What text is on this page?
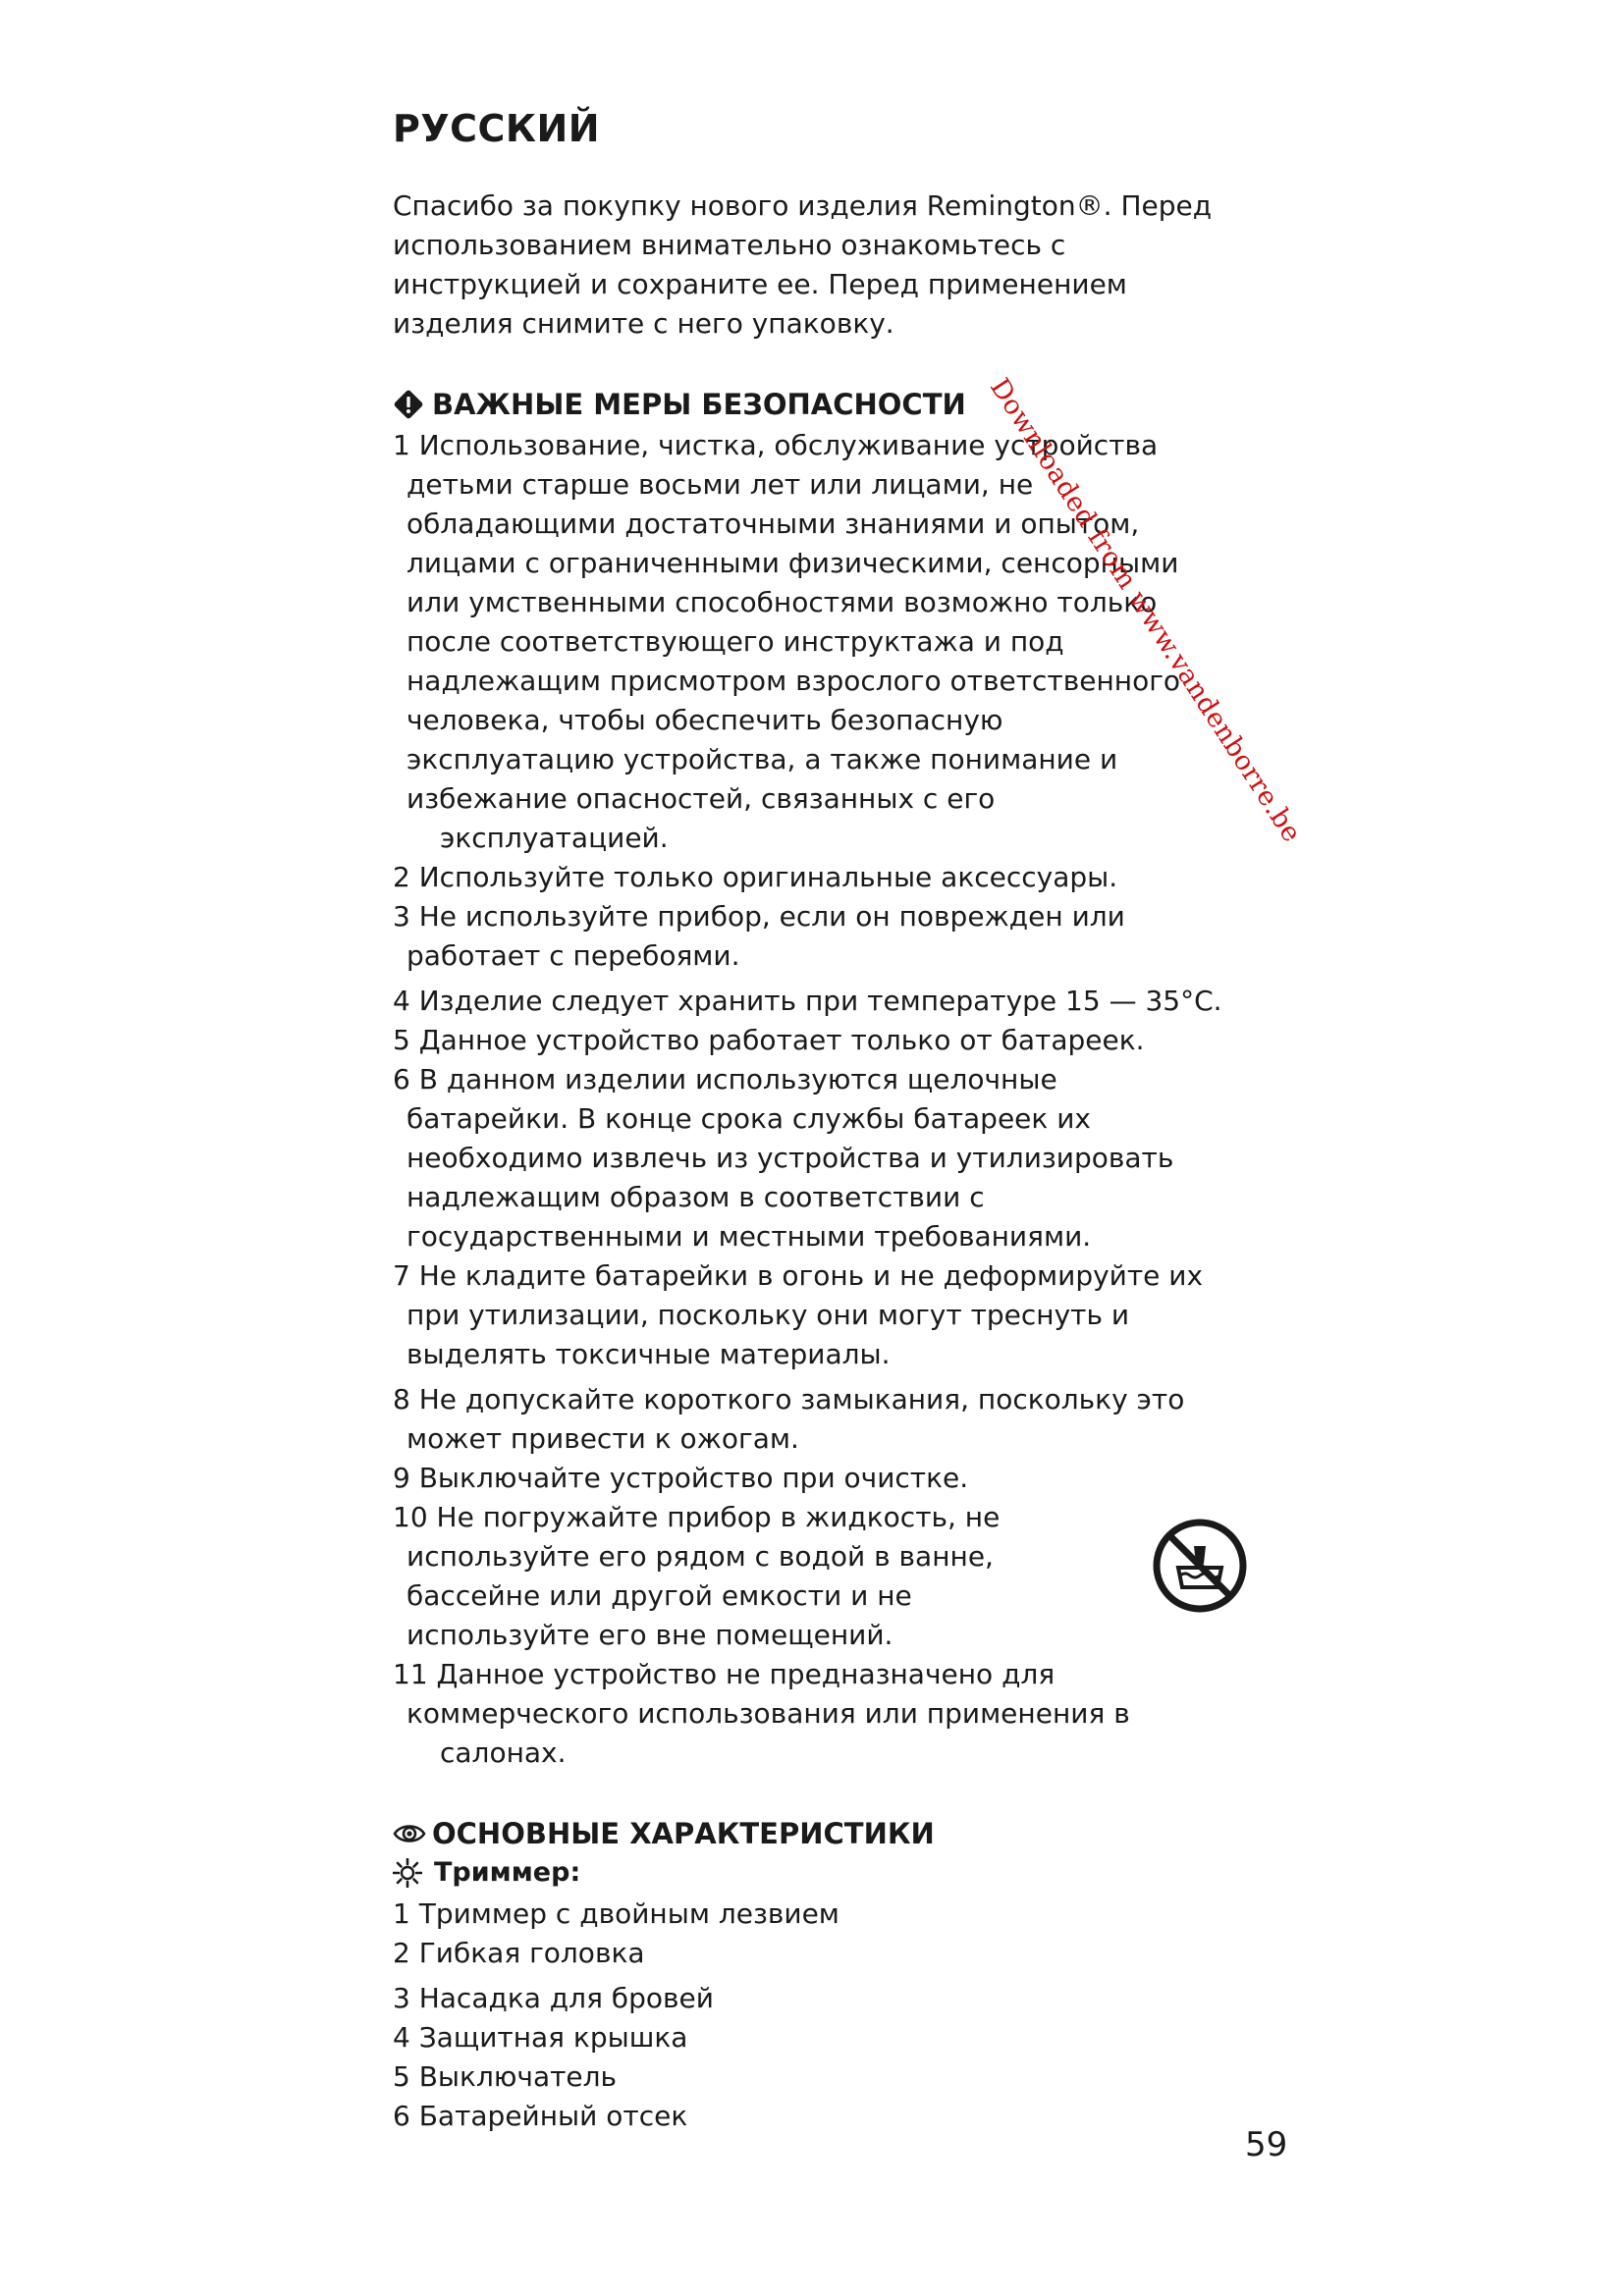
РУССКИЙ

Спасибо за покупку нового изделия Remington®. Перед

использованием внимательно ознакомьтесь с

инструкцией и сохраните ее. Перед применением

изделия снимите с него упаковку.

ВАЖНЫЕ МЕРЫ БЕЗОПАСНОСТИ
1 Использование, чистка, обслуживание устройства
детьми старше восьми лет или лицами, не
обладающими достаточными знаниями и опытом,
лицами с ограниченными физическими, сенсорными
или умственными способностями возможно только
после соответствующего инструктажа и под
надлежащим присмотром взрослого ответственного
человека, чтобы обеспечить безопасную
эксплуатацию устройства, а также понимание и
избежание опасностей, связанных с его
эксплуатацией.
2 Используйте только оригинальные аксессуары.
3 Не используйте прибор, если он поврежден или
работает с перебоями.
4 Изделие следует хранить при температуре 15 — 35°C.
5 Данное устройство работает только от батареек.
6 В данном изделии используются щелочные
батарейки. В конце срока службы батареек их
необходимо извлечь из устройства и утилизировать
надлежащим образом в соответствии с
государственными и местными требованиями.
7 Не кладите батарейки в огонь и не деформируйте их
при утилизации, поскольку они могут треснуть и
выделять токсичные материалы.
8 Не допускайте короткого замыкания, поскольку это
может привести к ожогам.
9 Выключайте устройство при очистке.
10 Не погружайте прибор в жидкость, не
используйте его рядом с водой в ванне,
бассейне или другой емкости и не
используйте его вне помещений.
11 Данное устройство не предназначено для
коммерческого использования или применения в
салонах.
ОСНОВНЫЕ ХАРАКТЕРИСТИКИ
Триммер:
1 Триммер с двойным лезвием
2 Гибкая головка
3 Насадка для бровей
4 Защитная крышка
5 Выключатель
6 Батарейный отсек
Downloaded from www.vandenborre.be
59
